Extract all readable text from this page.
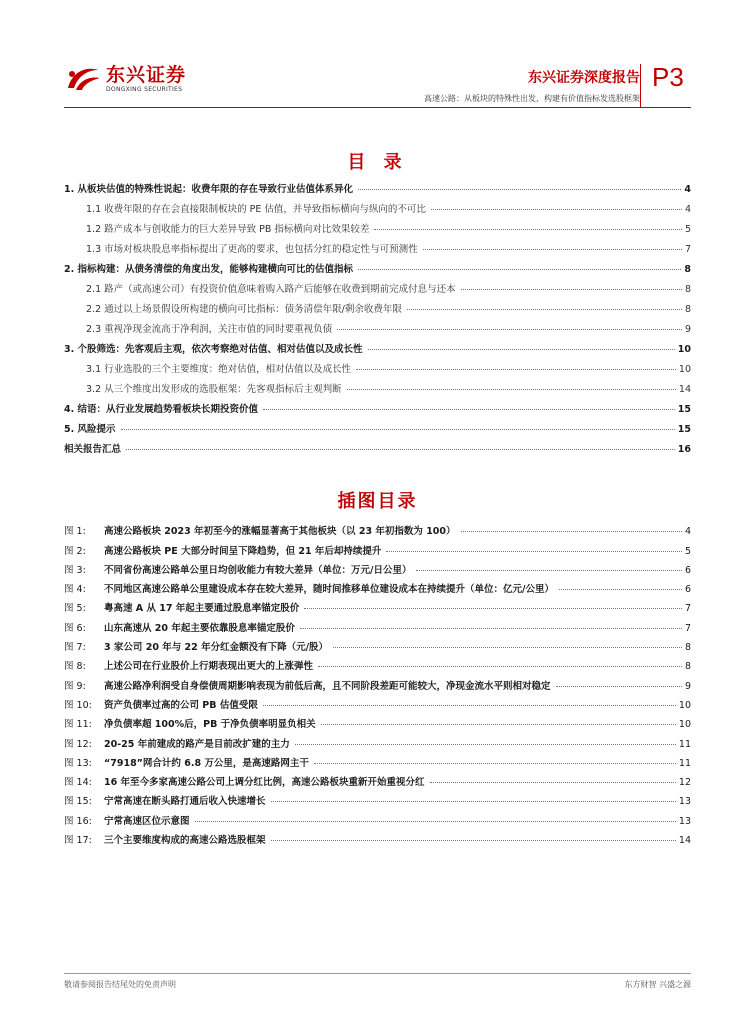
东兴证券
DONGXING SECURITIES
东兴证券深度报告 P3
高速公路：从板块的特殊性出发，构建有价值指标发选股框架
目 录
1. 从板块估值的特殊性说起：收费年限的存在导致行业估值体系异化	4
1.1 收费年限的存在会直接限制板块的 PE 估值，并导致指标横向与纵向的不可比	4
1.2 路产成本与创收能力的巨大差异导致 PB 指标横向对比效果较差	5
1.3 市场对板块股息率指标提出了更高的要求，也包括分红的稳定性与可预测性	7
2. 指标构建：从债务清偿的角度出发，能够构建横向可比的估值指标	8
2.1 路产（或高速公司）有投资价值意味着购入路产后能够在收费到期前完成付息与还本	8
2.2 通过以上场景假设所构建的横向可比指标：债务清偿年限/剩余收费年限	8
2.3 重视净现金流高于净利润，关注市值的同时要重视负债	9
3. 个股筛选：先客观后主观，依次考察绝对估值、相对估值以及成长性	10
3.1 行业选股的三个主要维度：绝对估值，相对估值以及成长性	10
3.2 从三个维度出发形成的选股框架：先客观指标后主观判断	14
4. 结语：从行业发展趋势看板块长期投资价值	15
5. 风险提示	15
相关报告汇总	16
插图目录
图 1:	高速公路板块 2023 年初至今的涨幅显著高于其他板块（以 23 年初指数为 100）	4
图 2:	高速公路板块 PE 大部分时间呈下降趋势，但 21 年后却持续提升	5
图 3:	不同省份高速公路单公里日均创收能力有较大差异（单位：万元/日公里）	6
图 4:	不同地区高速公路单公里建设成本存在较大差异，随时间推移单位建设成本在持续提升（单位：亿元/公里）	6
图 5:	粤高速 A 从 17 年起主要通过股息率锚定股价	7
图 6:	山东高速从 20 年起主要依靠股息率锚定股价	7
图 7:	3 家公司 20 年与 22 年分红金额没有下降（元/股）	8
图 8:	上述公司在行业股价上行期表现出更大的上涨弹性	8
图 9:	高速公路净利润受自身偿债周期影响表现为前低后高，且不同阶段差距可能较大，净现金流水平则相对稳定	9
图 10:	资产负债率过高的公司 PB 估值受限	10
图 11:	净负债率超 100%后，PB 于净负债率明显负相关	10
图 12:	20-25 年前建成的路产是目前改扩建的主力	11
图 13:	“7918”网合计约 6.8 万公里，是高速路网主干	11
图 14:	16 年至今多家高速公路公司上调分红比例，高速公路板块重新开始重视分红	12
图 15:	宁常高速在断头路打通后收入快速增长	13
图 16:	宁常高速区位示意图	13
图 17:	三个主要维度构成的高速公路选股框架	14
敬请参阅报告结尾处的免责声明	东方财智 兴盛之源
